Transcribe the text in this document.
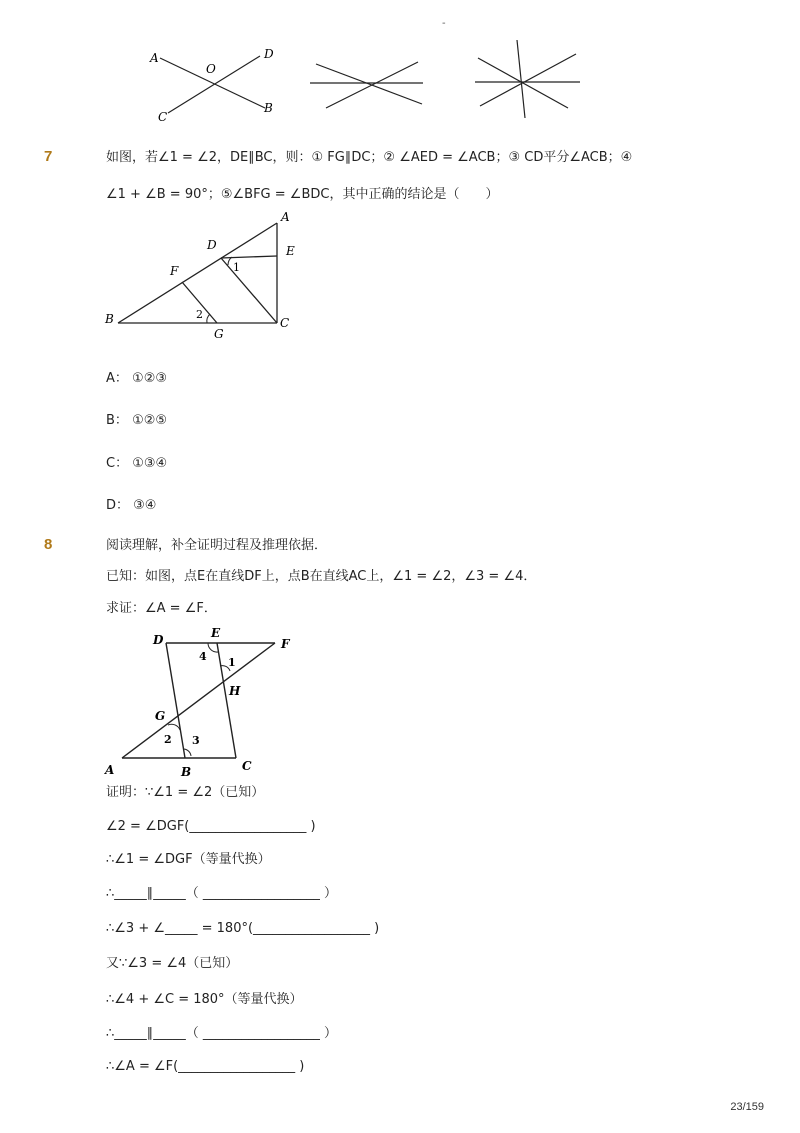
-
A
O
D
C
B
7	如图，若∠1 = ∠2，DE∥BC，则：① FG∥DC；② ∠AED = ∠ACB；③ CD平分∠ACB；④
∠1 + ∠B = 90°；⑤∠BFG = ∠BDC，其中正确的结论是（　　）
A
D	E
F	1
2
B
G
C
A： ①②③
B： ①②⑤
C： ①③④
D： ③④
8	阅读理解，补全证明过程及推理依据．
已知：如图，点E在直线DF上，点B在直线AC上，∠1 = ∠2，∠3 = ∠4．
求证：∠A = ∠F．
D	E
F
4 1
H
G
2 3
A	B	C
证明：∵∠1 = ∠2（已知）
∠2 = ∠DGF(__________________ )
∴∠1 = ∠DGF（等量代换）
∴_____∥_____（ __________________ ）
∴∠3 + ∠_____ = 180°(__________________ )
又∵∠3 = ∠4（已知）
∴∠4 + ∠C = 180°（等量代换）
∴_____∥_____（ __________________ ）
∴∠A = ∠F(__________________ )
23/159
